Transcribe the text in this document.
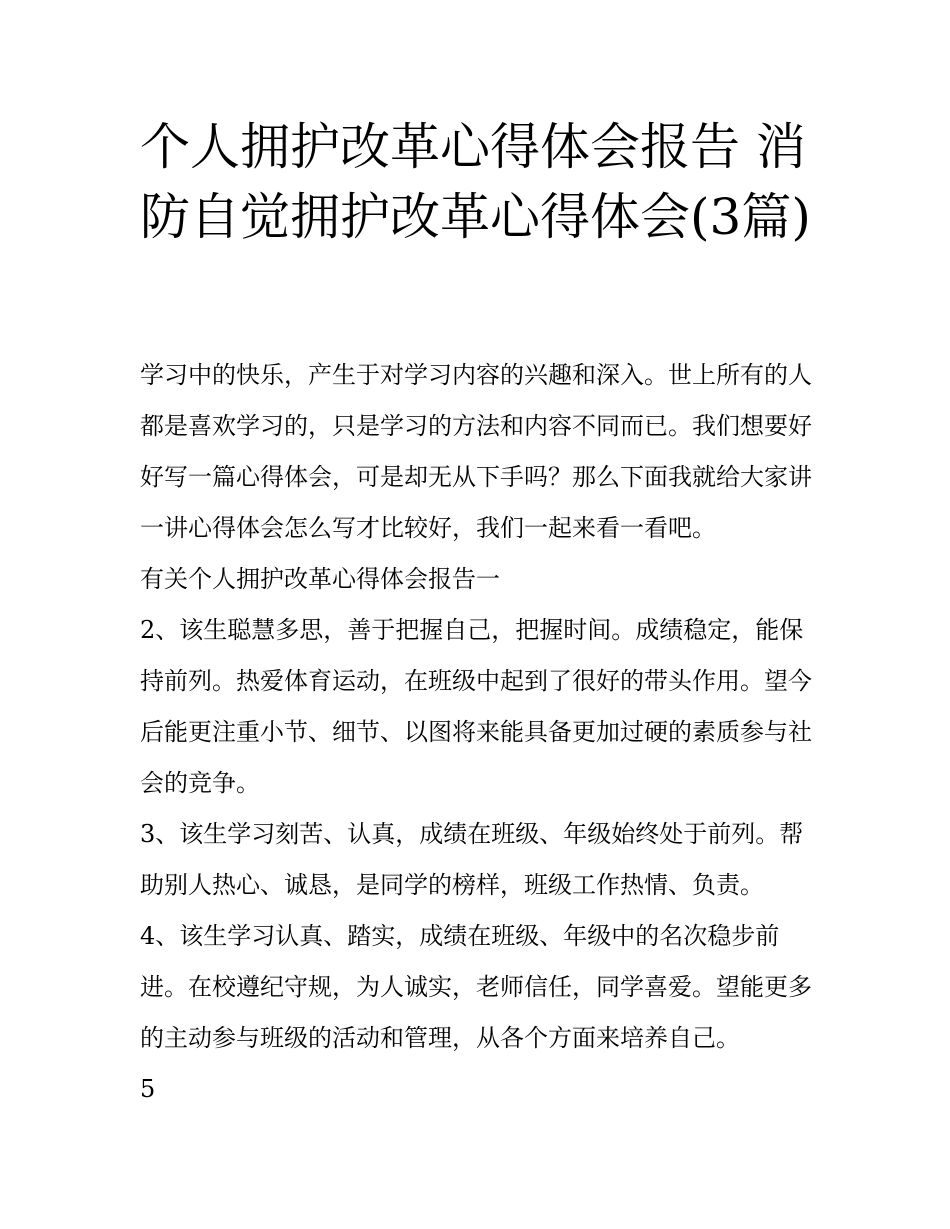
个人拥护改革心得体会报告 消防自觉拥护改革心得体会(3篇)

学习中的快乐，产生于对学习内容的兴趣和深入。世上所有的人都是喜欢学习的，只是学习的方法和内容不同而已。我们想要好好写一篇心得体会，可是却无从下手吗？那么下面我就给大家讲一讲心得体会怎么写才比较好，我们一起来看一看吧。

有关个人拥护改革心得体会报告一

2、该生聪慧多思，善于把握自己，把握时间。成绩稳定，能保持前列。热爱体育运动，在班级中起到了很好的带头作用。望今后能更注重小节、细节、以图将来能具备更加过硬的素质参与社会的竞争。

3、该生学习刻苦、认真，成绩在班级、年级始终处于前列。帮助别人热心、诚恳，是同学的榜样，班级工作热情、负责。

4、该生学习认真、踏实，成绩在班级、年级中的名次稳步前进。在校遵纪守规，为人诚实，老师信任，同学喜爱。望能更多的主动参与班级的活动和管理，从各个方面来培养自己。

5
